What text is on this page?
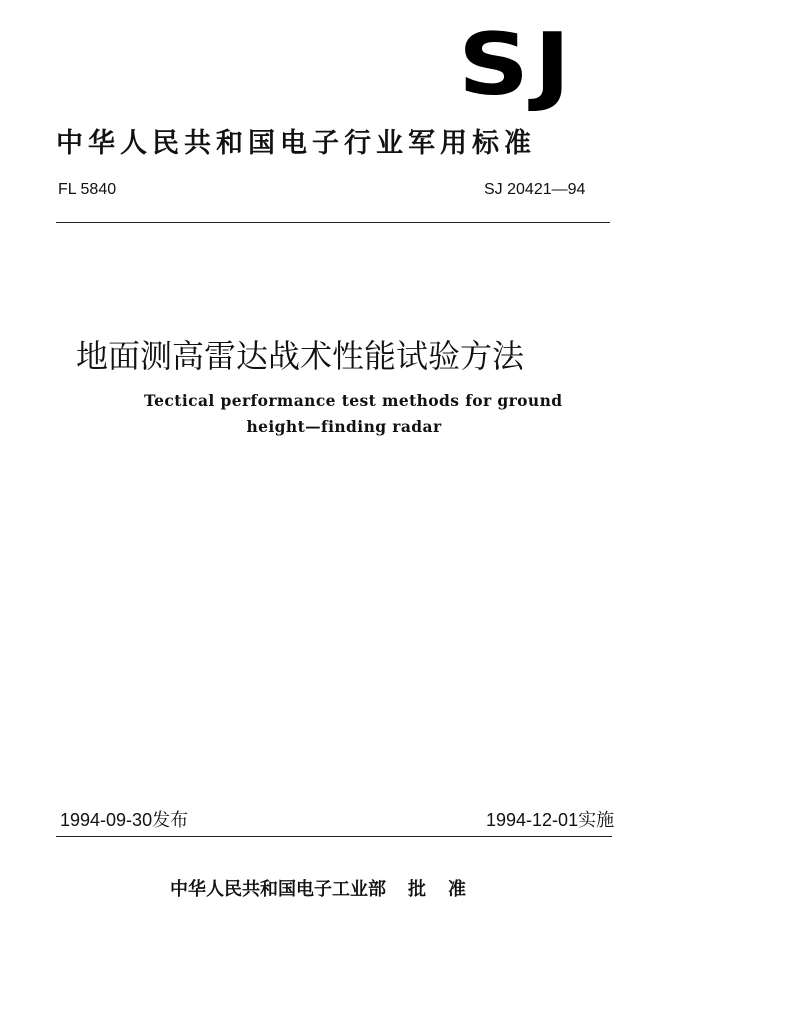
SJ
中华人民共和国电子行业军用标准
FL 5840	SJ 20421—94
地面测高雷达战术性能试验方法
Tectical performance test methods for ground
height—finding radar
1994-09-30发布	1994-12-01实施
中华人民共和国电子工业部 批 准
